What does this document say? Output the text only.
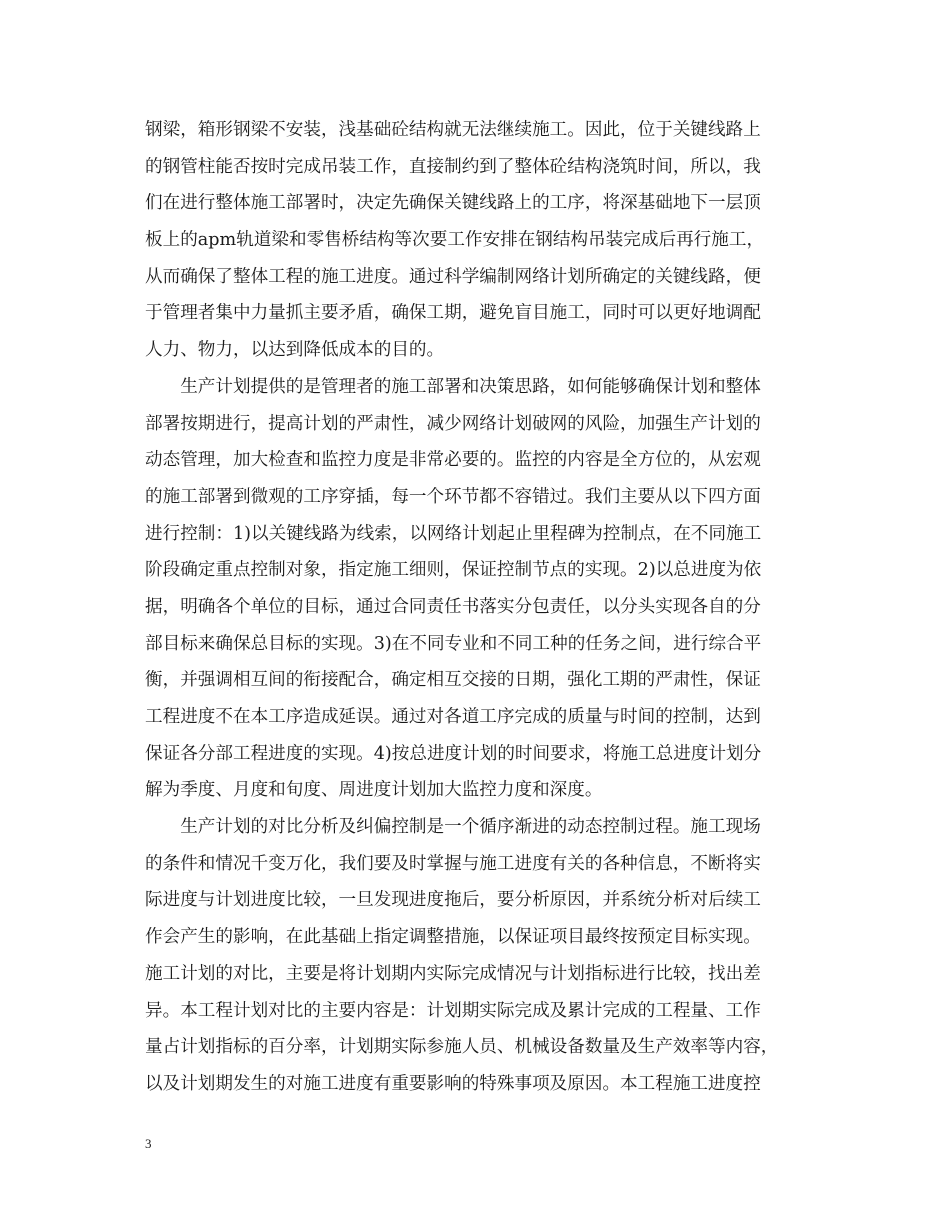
钢梁，箱形钢梁不安装，浅基础砼结构就无法继续施工。因此，位于关键线路上
的钢管柱能否按时完成吊装工作，直接制约到了整体砼结构浇筑时间，所以，我
们在进行整体施工部署时，决定先确保关键线路上的工序，将深基础地下一层顶
板上的apm轨道梁和零售桥结构等次要工作安排在钢结构吊装完成后再行施工，
从而确保了整体工程的施工进度。通过科学编制网络计划所确定的关键线路，便
于管理者集中力量抓主要矛盾，确保工期，避免盲目施工，同时可以更好地调配
人力、物力，以达到降低成本的目的。
　　生产计划提供的是管理者的施工部署和决策思路，如何能够确保计划和整体
部署按期进行，提高计划的严肃性，减少网络计划破网的风险，加强生产计划的
动态管理，加大检查和监控力度是非常必要的。监控的内容是全方位的，从宏观
的施工部署到微观的工序穿插，每一个环节都不容错过。我们主要从以下四方面
进行控制：1)以关键线路为线索，以网络计划起止里程碑为控制点，在不同施工
阶段确定重点控制对象，指定施工细则，保证控制节点的实现。2)以总进度为依
据，明确各个单位的目标，通过合同责任书落实分包责任，以分头实现各自的分
部目标来确保总目标的实现。3)在不同专业和不同工种的任务之间，进行综合平
衡，并强调相互间的衔接配合，确定相互交接的日期，强化工期的严肃性，保证
工程进度不在本工序造成延误。通过对各道工序完成的质量与时间的控制，达到
保证各分部工程进度的实现。4)按总进度计划的时间要求，将施工总进度计划分
解为季度、月度和旬度、周进度计划加大监控力度和深度。
　　生产计划的对比分析及纠偏控制是一个循序渐进的动态控制过程。施工现场
的条件和情况千变万化，我们要及时掌握与施工进度有关的各种信息，不断将实
际进度与计划进度比较，一旦发现进度拖后，要分析原因，并系统分析对后续工
作会产生的影响，在此基础上指定调整措施，以保证项目最终按预定目标实现。
施工计划的对比，主要是将计划期内实际完成情况与计划指标进行比较，找出差
异。本工程计划对比的主要内容是：计划期实际完成及累计完成的工程量、工作
量占计划指标的百分率，计划期实际参施人员、机械设备数量及生产效率等内容，
以及计划期发生的对施工进度有重要影响的特殊事项及原因。本工程施工进度控
3
